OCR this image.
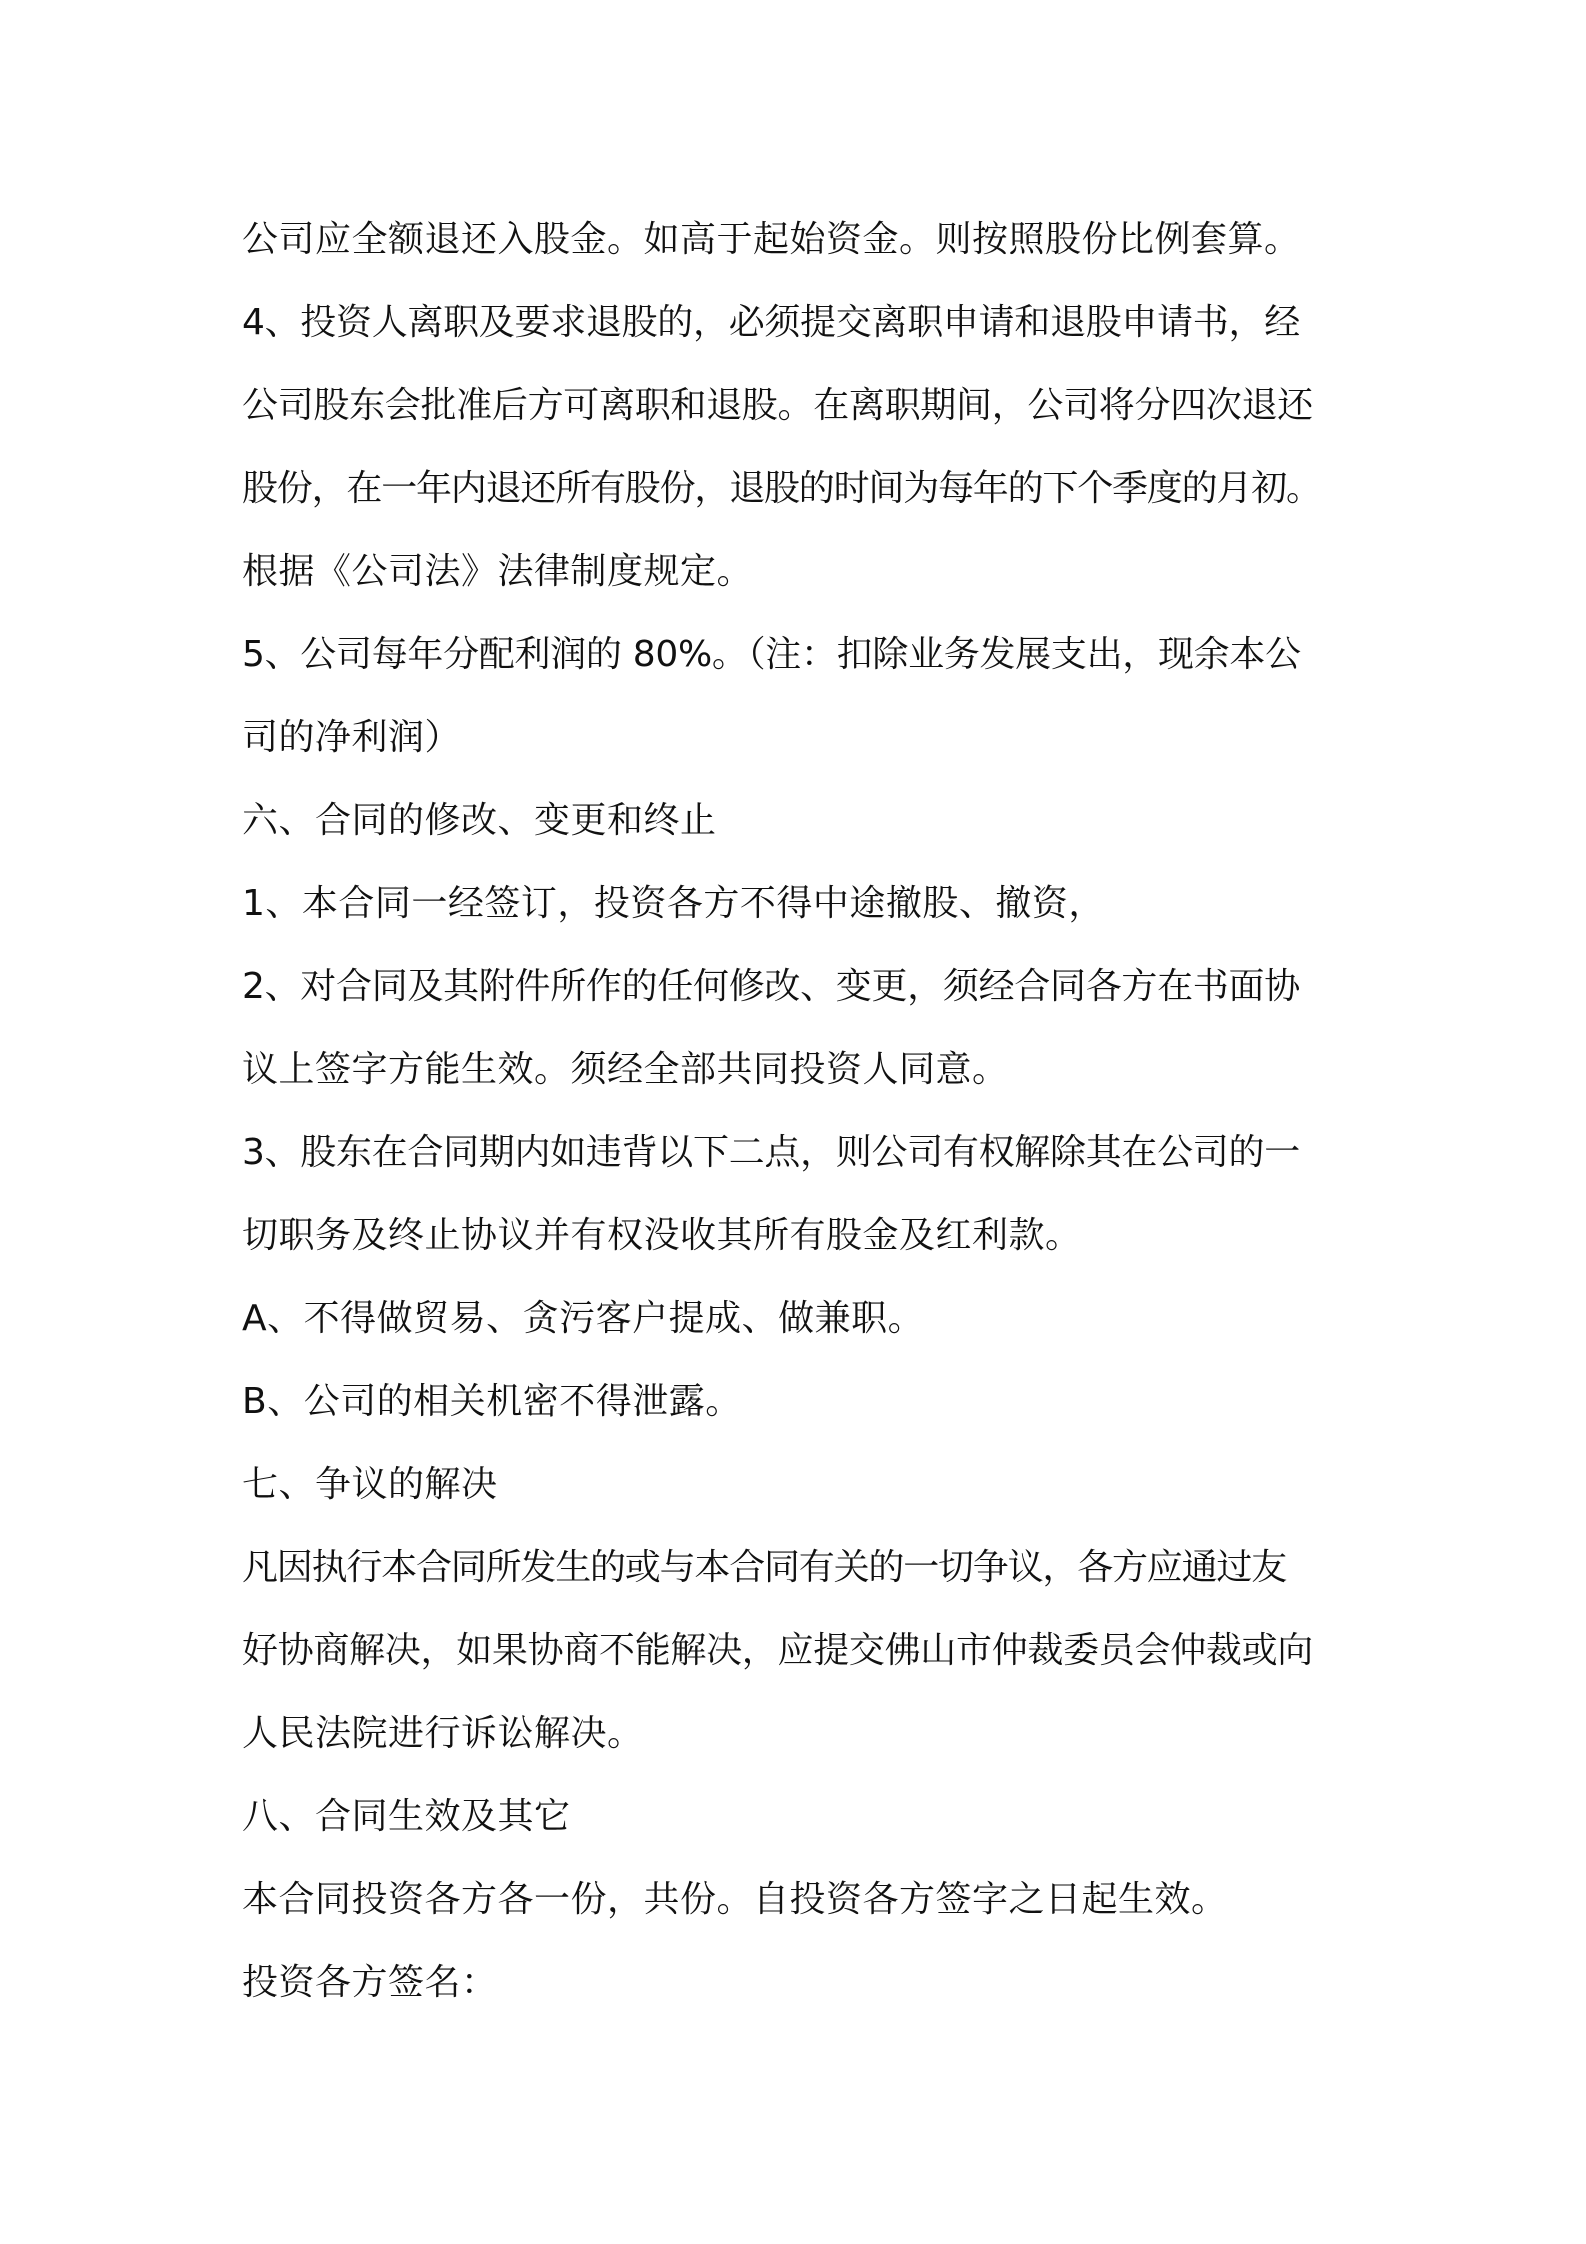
公司应全额退还入股金。如高于起始资金。则按照股份比例套算。
4、投资人离职及要求退股的，必须提交离职申请和退股申请书，经
公司股东会批准后方可离职和退股。在离职期间，公司将分四次退还
股份，在一年内退还所有股份，退股的时间为每年的下个季度的月初。
根据《公司法》法律制度规定。
5、公司每年分配利润的 80%。（注：扣除业务发展支出，现余本公
司的净利润）
六、合同的修改、变更和终止
1、本合同一经签订，投资各方不得中途撤股、撤资，
2、对合同及其附件所作的任何修改、变更，须经合同各方在书面协
议上签字方能生效。须经全部共同投资人同意。
3、股东在合同期内如违背以下二点，则公司有权解除其在公司的一
切职务及终止协议并有权没收其所有股金及红利款。
A、不得做贸易、贪污客户提成、做兼职。
B、公司的相关机密不得泄露。
七、争议的解决
凡因执行本合同所发生的或与本合同有关的一切争议，各方应通过友
好协商解决，如果协商不能解决，应提交佛山市仲裁委员会仲裁或向
人民法院进行诉讼解决。
八、合同生效及其它
本合同投资各方各一份，共份。自投资各方签字之日起生效。
投资各方签名：
